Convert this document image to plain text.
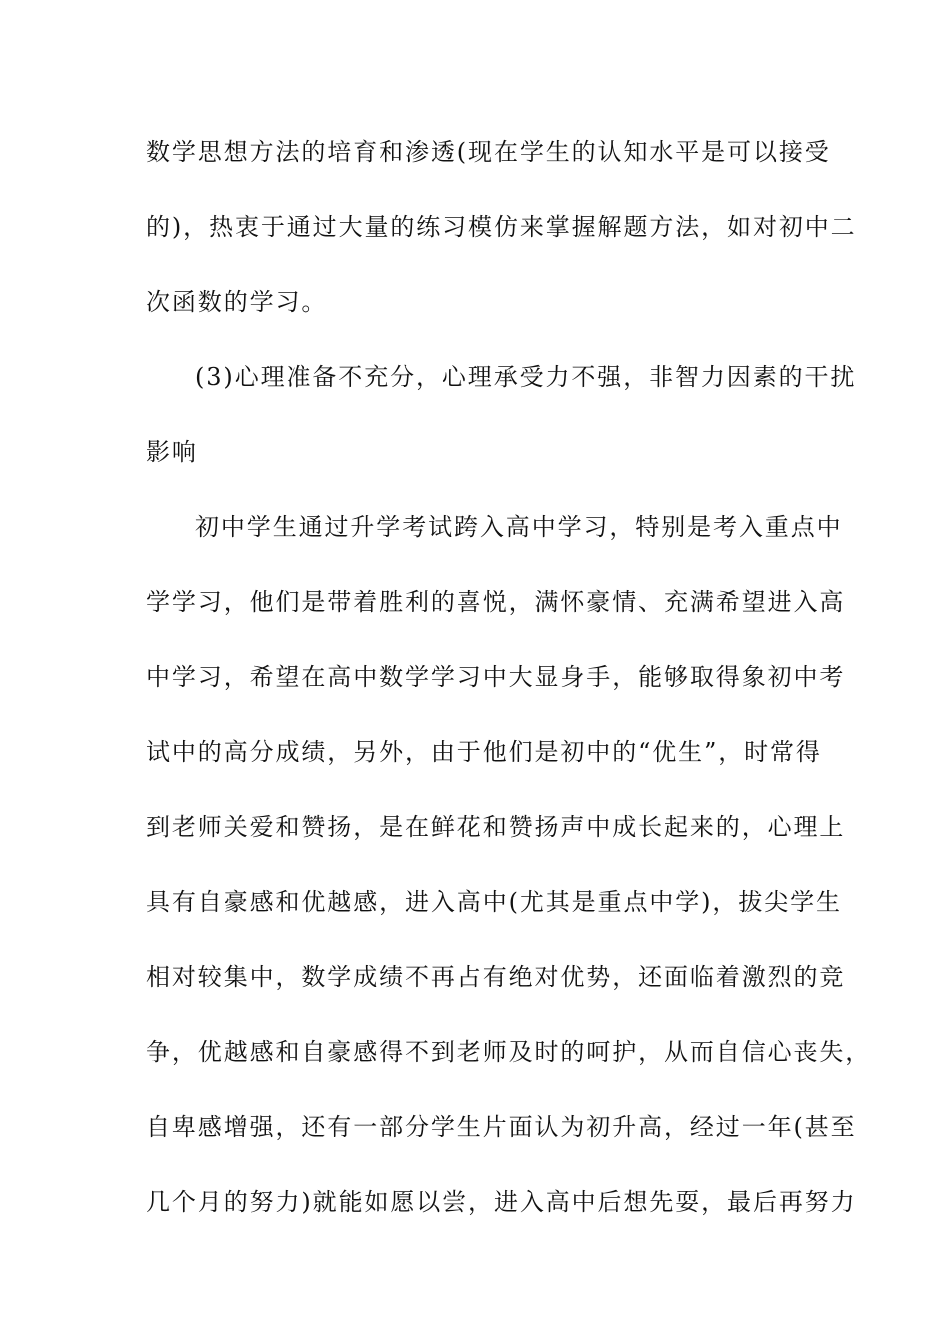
数学思想方法的培育和渗透(现在学生的认知水平是可以接受
的)，热衷于通过大量的练习模仿来掌握解题方法，如对初中二
次函数的学习。
(3)心理准备不充分，心理承受力不强，非智力因素的干扰
影响
初中学生通过升学考试跨入高中学习，特别是考入重点中
学学习，他们是带着胜利的喜悦，满怀豪情、充满希望进入高
中学习，希望在高中数学学习中大显身手，能够取得象初中考
试中的高分成绩，另外，由于他们是初中的“优生”，时常得
到老师关爱和赞扬，是在鲜花和赞扬声中成长起来的，心理上
具有自豪感和优越感，进入高中(尤其是重点中学)，拔尖学生
相对较集中，数学成绩不再占有绝对优势，还面临着激烈的竞
争，优越感和自豪感得不到老师及时的呵护，从而自信心丧失，
自卑感增强，还有一部分学生片面认为初升高，经过一年(甚至
几个月的努力)就能如愿以尝，进入高中后想先耍，最后再努力
